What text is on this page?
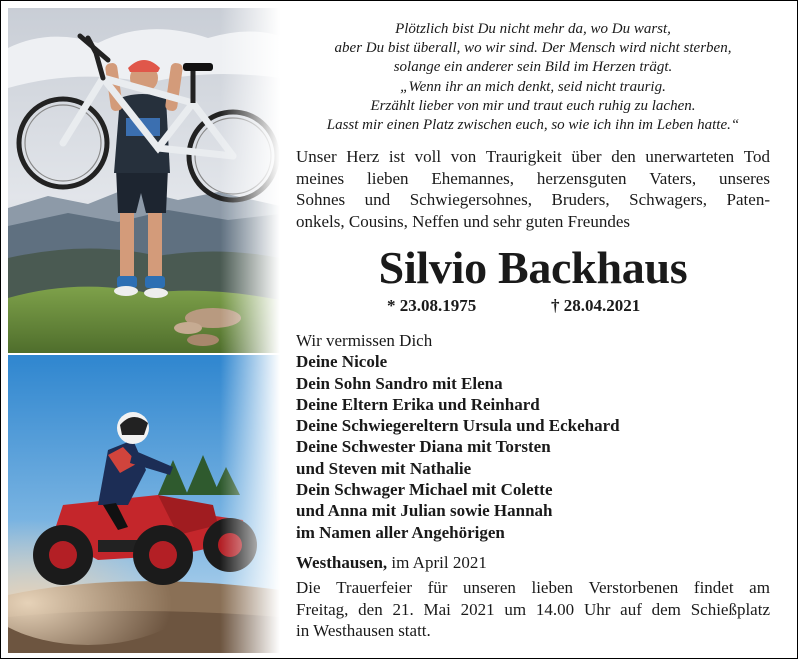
Plötzlich bist Du nicht mehr da, wo Du warst,
aber Du bist überall, wo wir sind. Der Mensch wird nicht sterben,
solange ein anderer sein Bild im Herzen trägt.
„Wenn ihr an mich denkt, seid nicht traurig.
Erzählt lieber von mir und traut euch ruhig zu lachen.
Lasst mir einen Platz zwischen euch, so wie ich ihn im Leben hatte.“
Unser Herz ist voll von Traurigkeit über den unerwarteten Tod
meines lieben Ehemannes, herzensguten Vaters, unseres
Sohnes und Schwiegersohnes, Bruders, Schwagers, Paten-
onkels, Cousins, Neffen und sehr guten Freundes
Silvio Backhaus
* 23.08.1975	† 28.04.2021
Wir vermissen Dich
Deine Nicole
Dein Sohn Sandro mit Elena
Deine Eltern Erika und Reinhard
Deine Schwiegereltern Ursula und Eckehard
Deine Schwester Diana mit Torsten
und Steven mit Nathalie
Dein Schwager Michael mit Colette
und Anna mit Julian sowie Hannah
im Namen aller Angehörigen
Westhausen, im April 2021
Die Trauerfeier für unseren lieben Verstorbenen findet am
Freitag, den 21. Mai 2021 um 14.00 Uhr auf dem Schießplatz
in Westhausen statt.
